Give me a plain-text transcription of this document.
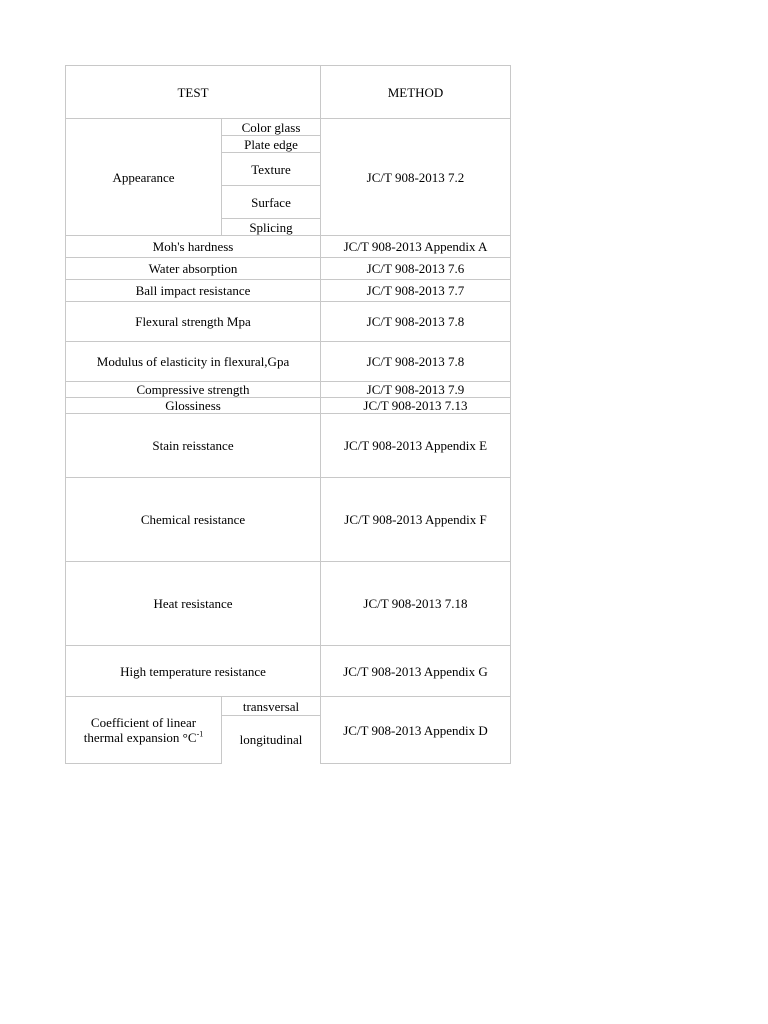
TEST		METHOD
Appearance	Color glass	JC/T 908-2013 7.2
	Plate edge	
	Texture	
	Surface	
	Splicing	
Moh's hardness		JC/T 908-2013 Appendix A
Water absorption		JC/T 908-2013 7.6
Ball impact resistance		JC/T 908-2013 7.7
Flexural strength Mpa		JC/T 908-2013 7.8
Modulus of elasticity in flexural,Gpa		JC/T 908-2013 7.8
Compressive strength		JC/T 908-2013 7.9
Glossiness		JC/T 908-2013 7.13
Stain reisstance		JC/T 908-2013 Appendix E
Chemical resistance		JC/T 908-2013 Appendix F
Heat resistance		JC/T 908-2013 7.18
High temperature resistance		JC/T 908-2013 Appendix G
Coefficient of linear
thermal expansion $^\circ C^{-1}$	transversal	JC/T 908-2013 Appendix D
	longitudinal	
